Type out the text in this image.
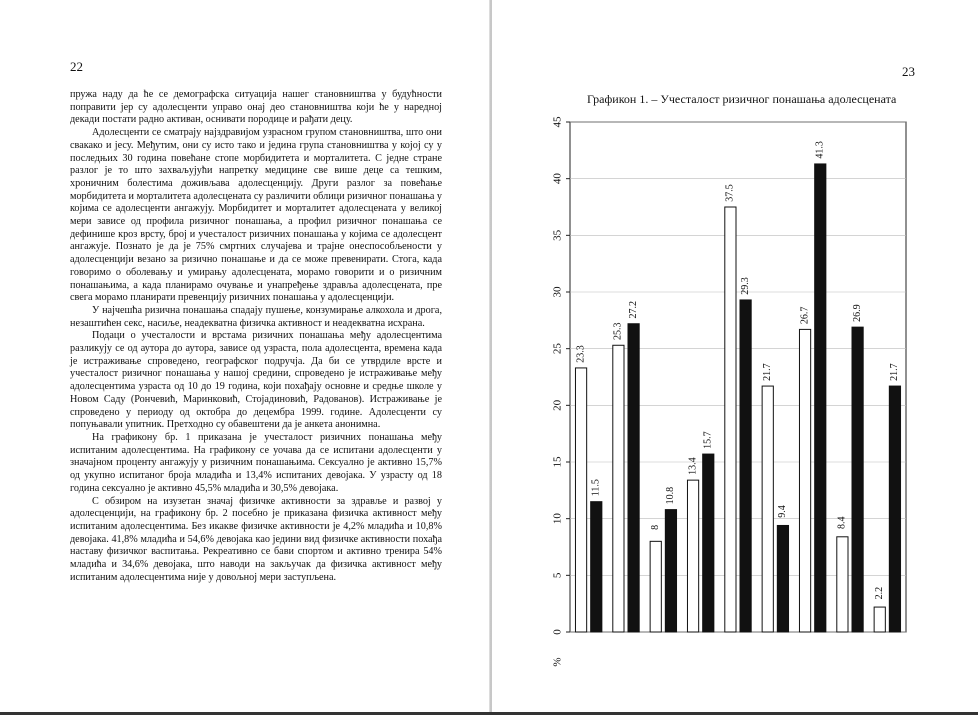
22

пружа наду да ће се демографска ситуација нашег становништва у будућности поправити јер су адолесценти управо онај део становништва који ће у наредној декади постати радно активан, оснивати породице и рађати децу.

Адолесценти се сматрају најздравијом узрасном групом становништва, што они свакако и јесу. Међутим, они су исто тако и једина група становништва у којој су у последњих 30 година повећане стопе морбидитета и морталитета. С једне стране разлог је то што захваљујући напретку медицине све више деце са тешким, хроничним болестима доживљава адолесценцију. Други разлог за повећање морбидитета и морталитета адолесцената су различити облици ризичног понашања у којима се адолесценти ангажују. Морбидитет и морталитет адолесцената у великој мери зависе од профила ризичног понашања, а профил ризичног понашања се дефинише кроз врсту, број и учесталост ризичних понашања у којима се адолесцент ангажује. Познато је да је 75% смртних случајева и трајне онеспособљености у адолесценцији везано за ризично понашање и да се може превенирати. Стога, када говоримо о оболевању и умирању адолесцената, морамо говорити и о ризичним понашањима, а када планирамо очување и унапређење здравља адолесцената, пре свега морамо планирати превенцију ризичних понашања у адолесценцији.

У најчешћа ризична понашања спадају пушење, конзумирање алкохола и дрога, незаштићен секс, насиље, неадекватна физичка активност и неадекватна исхрана.

Подаци о учесталости и врстама ризичних понашања међу адолесцентима разликују се од аутора до аутора, зависе од узраста, пола адолесцента, времена када је истраживање спроведено, географског подручја. Да би се утврдиле врсте и учесталост ризичног понашања у нашој средини, спроведено је истраживање међу адолесцентима узраста од 10 до 19 година, који похађају основне и средње школе у Новом Саду (Рончевић, Маринковић, Стојадиновић, Радованов). Истраживање је спроведено у периоду од октобра до децембра 1999. године. Адолесценти су попуњавали упитник. Претходно су обавештени да је анкета анонимна.

На графикону бр. 1 приказана је учесталост ризичних понашања међу испитаним адолесцентима. На графикону се уочава да се испитани адолесценти у значајном проценту ангажују у ризичним понашањима. Сексуално је активно 15,7% од укупно испитаног броја младића и 13,4% испитаних девојака. У узрасту од 18 година сексуално је активно 45,5% младића и 30,5% девојака.

С обзиром на изузетан значај физичке активности за здравље и развој у адолесценцији, на графикону бр. 2 посебно је приказана физичка активност међу испитаним адолесцентима. Без икакве физичке активности је 4,2% младића и 10,8% девојака. 41,8% младића и 54,6% девојака као једини вид физичке активности похађа наставу физичког васпитања. Рекреативно се бави спортом и активно тренира 54% младића и 34,6% девојака, што наводи на закључак да физичка активност међу испитаним адолесцентима није у довољној мери заступљена.

23
Графикон 1. – Учесталост ризичног понашања адолесцената
0
5
10
15
20
25
30
35
40
45
%
11.5
27.2
10.8
15.7
29.3
9.4
41.3
26.9
21.7
23.3
25.3
8
13.4
37.5
21.7
26.7
8.4
2.2
